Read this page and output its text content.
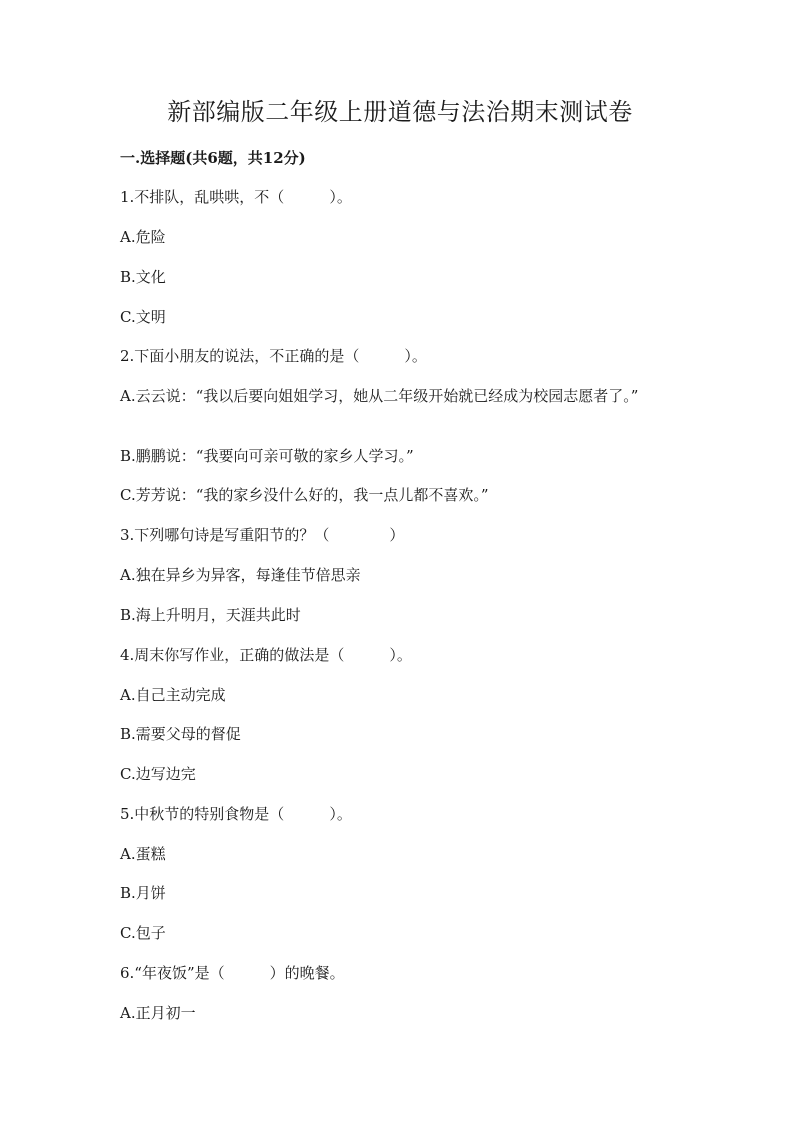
新部编版二年级上册道德与法治期末测试卷
一.选择题(共6题，共12分)
1.不排队，乱哄哄，不（　　　）。
A.危险
B.文化
C.文明
2.下面小朋友的说法，不正确的是（　　　）。
A.云云说：“我以后要向姐姐学习，她从二年级开始就已经成为校园志愿者了。”
B.鹏鹏说：“我要向可亲可敬的家乡人学习。”
C.芳芳说：“我的家乡没什么好的，我一点儿都不喜欢。”
3.下列哪句诗是写重阳节的？（　　　　）
A.独在异乡为异客，每逢佳节倍思亲
B.海上升明月，天涯共此时
4.周末你写作业，正确的做法是（　　　）。
A.自己主动完成
B.需要父母的督促
C.边写边完
5.中秋节的特别食物是（　　　）。
A.蛋糕
B.月饼
C.包子
6.“年夜饭”是（　　　）的晚餐。
A.正月初一
